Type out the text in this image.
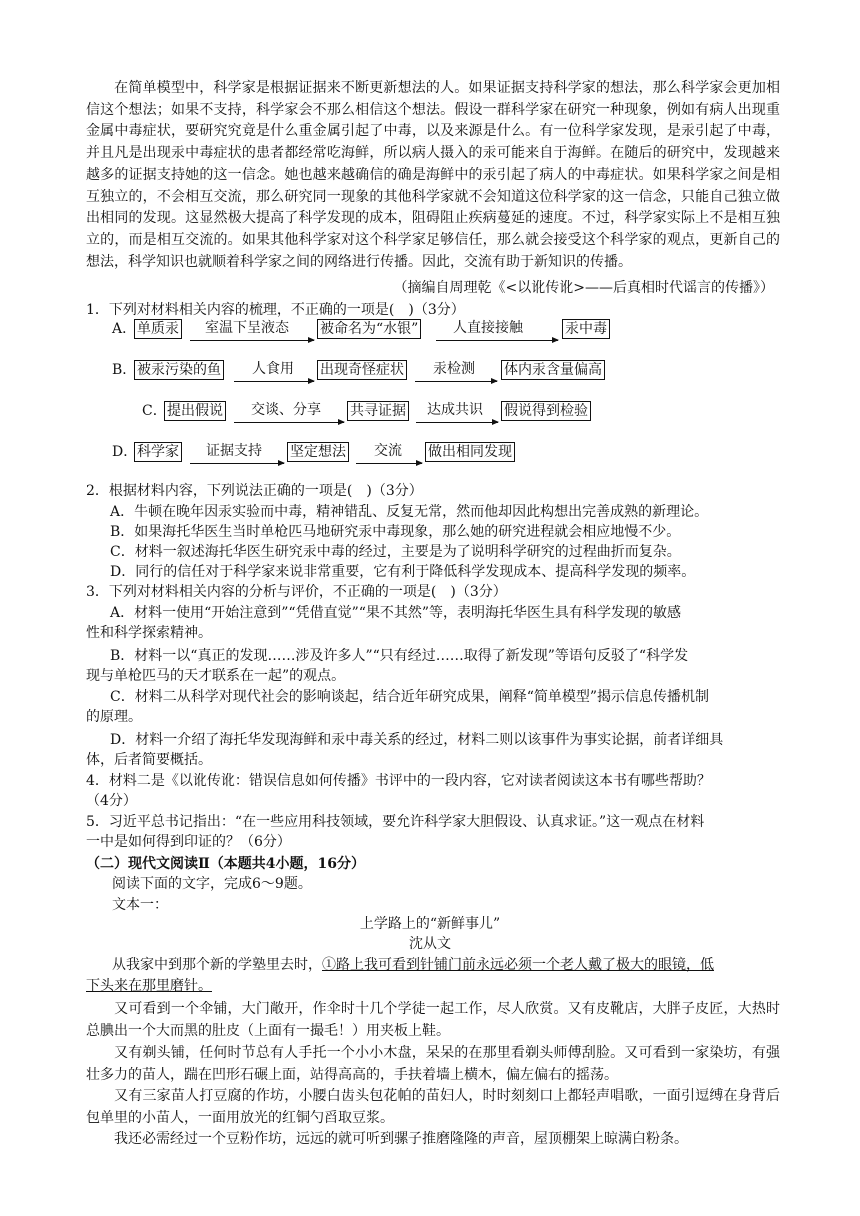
在简单模型中，科学家是根据证据来不断更新想法的人。如果证据支持科学家的想法，那么科学家会更加相信这个想法；如果不支持，科学家会不那么相信这个想法。假设一群科学家在研究一种现象，例如有病人出现重金属中毒症状，要研究究竟是什么重金属引起了中毒，以及来源是什么。有一位科学家发现，是汞引起了中毒，并且凡是出现汞中毒症状的患者都经常吃海鲜，所以病人摄入的汞可能来自于海鲜。在随后的研究中，发现越来越多的证据支持她的这一信念。她也越来越确信的确是海鲜中的汞引起了病人的中毒症状。如果科学家之间是相互独立的，不会相互交流，那么研究同一现象的其他科学家就不会知道这位科学家的这一信念，只能自己独立做出相同的发现。这显然极大提高了科学发现的成本，阻碍阻止疾病蔓延的速度。不过，科学家实际上不是相互独立的，而是相互交流的。如果其他科学家对这个科学家足够信任，那么就会接受这个科学家的观点，更新自己的想法，科学知识也就顺着科学家之间的网络进行传播。因此，交流有助于新知识的传播。
（摘编自周理乾《<以讹传讹>——后真相时代谣言的传播》）
1．下列对材料相关内容的梳理，不正确的一项是(　)（3分）
A． 单质汞 室温下呈液态 被命名为“水银” 人直接接触	汞中毒
B． 被汞污染的鱼 人食用 出现奇怪症状 汞检测 体内汞含量偏高
C． 提出假说 交谈、分享 共寻证据 达成共识 假说得到检验
D． 科学家 证据支持 坚定想法 交流 做出相同发现
2．根据材料内容，下列说法正确的一项是(　)（3分）
A．牛顿在晚年因汞实验而中毒，精神错乱、反复无常，然而他却因此构想出完善成熟的新理论。
B．如果海托华医生当时单枪匹马地研究汞中毒现象，那么她的研究进程就会相应地慢不少。
C．材料一叙述海托华医生研究汞中毒的经过，主要是为了说明科学研究的过程曲折而复杂。
D．同行的信任对于科学家来说非常重要，它有利于降低科学发现成本、提高科学发现的频率。
3．下列对材料相关内容的分析与评价，不正确的一项是(　)（3分）
A．材料一使用“开始注意到”“凭借直觉”“果不其然”等，表明海托华医生具有科学发现的敏感
性和科学探索精神。
B．材料一以“真正的发现……涉及许多人”“只有经过……取得了新发现”等语句反驳了“科学发
现与单枪匹马的天才联系在一起”的观点。
C．材料二从科学对现代社会的影响谈起，结合近年研究成果，阐释“简单模型”揭示信息传播机制
的原理。
D．材料一介绍了海托华发现海鲜和汞中毒关系的经过，材料二则以该事件为事实论据，前者详细具
体，后者简要概括。
4．材料二是《以讹传讹：错误信息如何传播》书评中的一段内容，它对读者阅读这本书有哪些帮助？
（4分）
5．习近平总书记指出：“在一些应用科技领域，要允许科学家大胆假设、认真求证。”这一观点在材料
一中是如何得到印证的？（6分）
（二）现代文阅读Ⅱ（本题共4小题，16分）
阅读下面的文字，完成6～9题。
文本一：
上学路上的“新鲜事儿”
沈从文
从我家中到那个新的学塾里去时，①路上我可看到针铺门前永远必须一个老人戴了极大的眼镜，低
下头来在那里磨针。
又可看到一个伞铺，大门敞开，作伞时十几个学徒一起工作，尽人欣赏。又有皮靴店，大胖子皮匠，大热时总腆出一个大而黑的肚皮（上面有一撮毛！）用夹板上鞋。
又有剃头铺，任何时节总有人手托一个小小木盘，呆呆的在那里看剃头师傅刮脸。又可看到一家染坊，有强壮多力的苗人，踹在凹形石碾上面，站得高高的，手扶着墙上横木，偏左偏右的摇荡。
又有三家苗人打豆腐的作坊，小腰白齿头包花帕的苗妇人，时时刻刻口上都轻声唱歌，一面引逗缚在身背后包单里的小苗人，一面用放光的红铜勺舀取豆浆。
我还必需经过一个豆粉作坊，远远的就可听到骡子推磨隆隆的声音，屋顶棚架上晾满白粉条。
